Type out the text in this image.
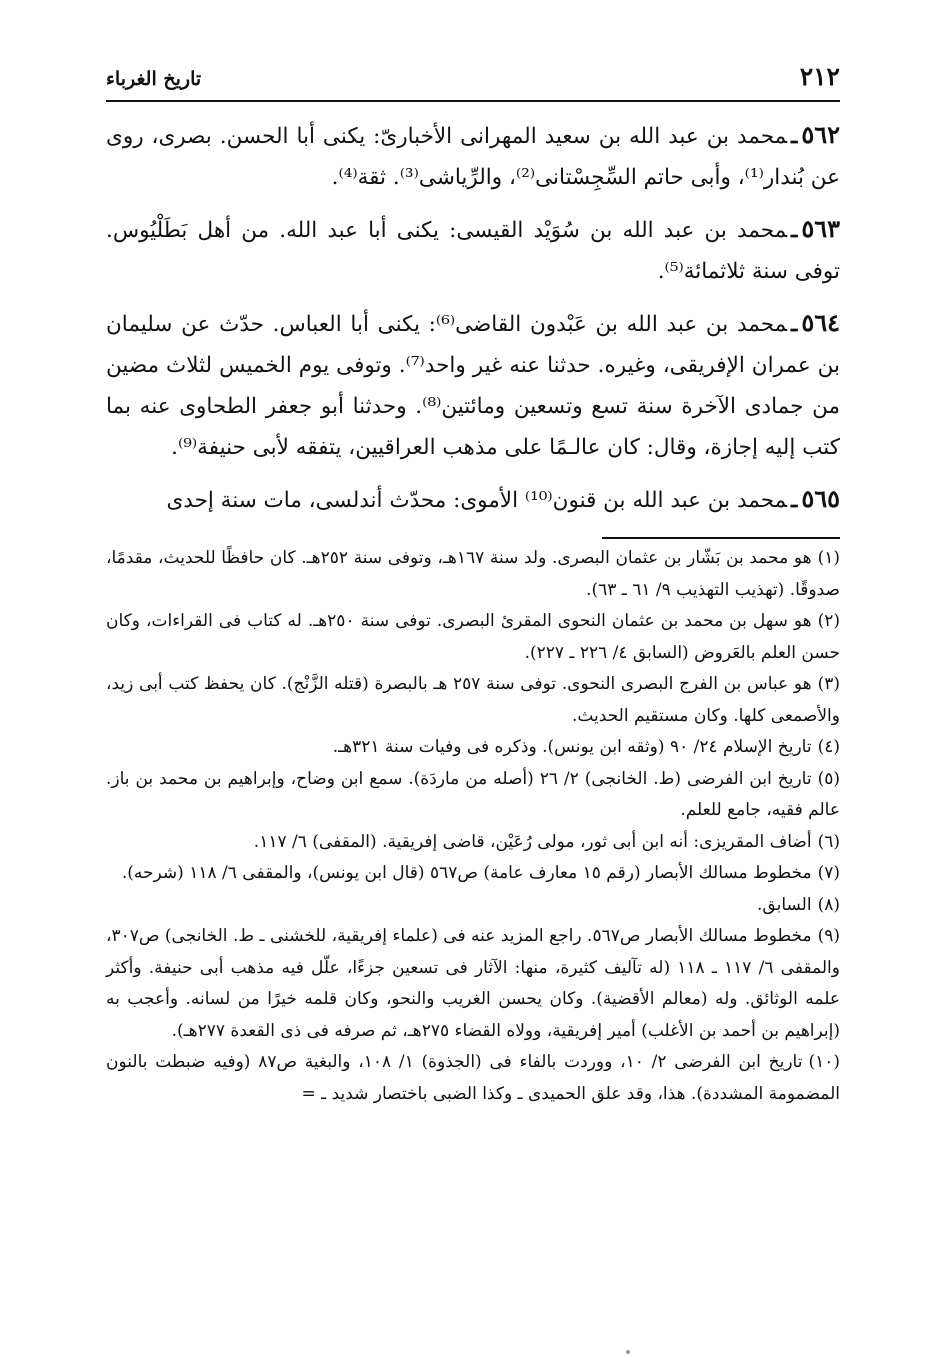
٢١٢
تاريخ الغرباء

٥٦٢ـمحمد بن عبد الله بن سعيد المهرانى الأخبارىّ: يكنى أبا الحسن. بصرى، روى عن بُندار⁽¹⁾، وأبى حاتم السِّجِسْتانى⁽²⁾، والرِّياشى⁽³⁾. ثقة⁽⁴⁾.

٥٦٣ـمحمد بن عبد الله بن سُوَيْد القيسى: يكنى أبا عبد الله. من أهل بَطَلْيُوس. توفى سنة ثلاثمائة⁽⁵⁾.

٥٦٤ـمحمد بن عبد الله بن عَبْدون القاضى⁽⁶⁾: يكنى أبا العباس. حدّث عن سليمان بن عمران الإفريقى، وغيره. حدثنا عنه غير واحد⁽⁷⁾. وتوفى يوم الخميس لثلاث مضين من جمادى الآخرة سنة تسع وتسعين ومائتين⁽⁸⁾. وحدثنا أبو جعفر الطحاوى عنه بما كتب إليه إجازة، وقال: كان عالـمًا على مذهب العراقيين، يتفقه لأبى حنيفة⁽⁹⁾.

٥٦٥ـمحمد بن عبد الله بن قنون⁽¹⁰⁾ الأموى: محدّث أندلسى، مات سنة إحدى

(١)هو محمد بن بَشّار بن عثمان البصرى. ولد سنة ١٦٧هـ، وتوفى سنة ٢٥٢هـ. كان حافظًا للحديث، مقدمًا، صدوقًا. (تهذيب التهذيب ٩/ ٦١ ـ ٦٣).

(٢)هو سهل بن محمد بن عثمان النحوى المقرئ البصرى. توفى سنة ٢٥٠هـ. له كتاب فى القراءات، وكان حسن العلم بالعَروض (السابق ٤/ ٢٢٦ ـ ٢٢٧).

(٣)هو عباس بن الفرج البصرى النحوى. توفى سنة ٢٥٧ هـ بالبصرة (قتله الزَّنْج). كان يحفظ كتب أبى زيد، والأصمعى كلها. وكان مستقيم الحديث.

(٤)تاريخ الإسلام ٢٤/ ٩٠ (وثقه ابن يونس). وذكره فى وفيات سنة ٣٢١هـ.

(٥)تاريخ ابن الفرضى (ط. الخانجى) ٢/ ٢٦ (أصله من ماردَة). سمع ابن وضاح، وإبراهيم بن محمد بن باز. عالم فقيه، جامع للعلم.

(٦)أضاف المقريزى: أنه ابن أبى ثور، مولى رُعَيْن، قاضى إفريقية. (المقفى) ٦/ ١١٧.

(٧)مخطوط مسالك الأبصار (رقم ١٥ معارف عامة) ص٥٦٧ (قال ابن يونس)، والمقفى ٦/ ١١٨ (شرحه).

(٨)السابق.

(٩)مخطوط مسالك الأبصار ص٥٦٧. راجع المزيد عنه فى (علماء إفريقية، للخشنى ـ ط. الخانجى) ص٣٠٧، والمقفى ٦/ ١١٧ ـ ١١٨ (له تآليف كثيرة، منها: الآثار فى تسعين جزءًا، علّل فيه مذهب أبى حنيفة. وأكثر علمه الوثائق. وله (معالم الأقضية). وكان يحسن الغريب والنحو، وكان قلمه خيرًا من لسانه. وأعجب به (إبراهيم بن أحمد بن الأغلب) أمير إفريقية، وولاه القضاء ٢٧٥هـ، ثم صرفه فى ذى القعدة ٢٧٧هـ).

(١٠)تاريخ ابن الفرضى ٢/ ١٠، ووردت بالفاء فى (الجذوة) ١/ ١٠٨، والبغية ص٨٧ (وفيه ضبطت بالنون المضمومة المشددة). هذا، وقد علق الحميدى ـ وكذا الضبى باختصار شديد ـ =
